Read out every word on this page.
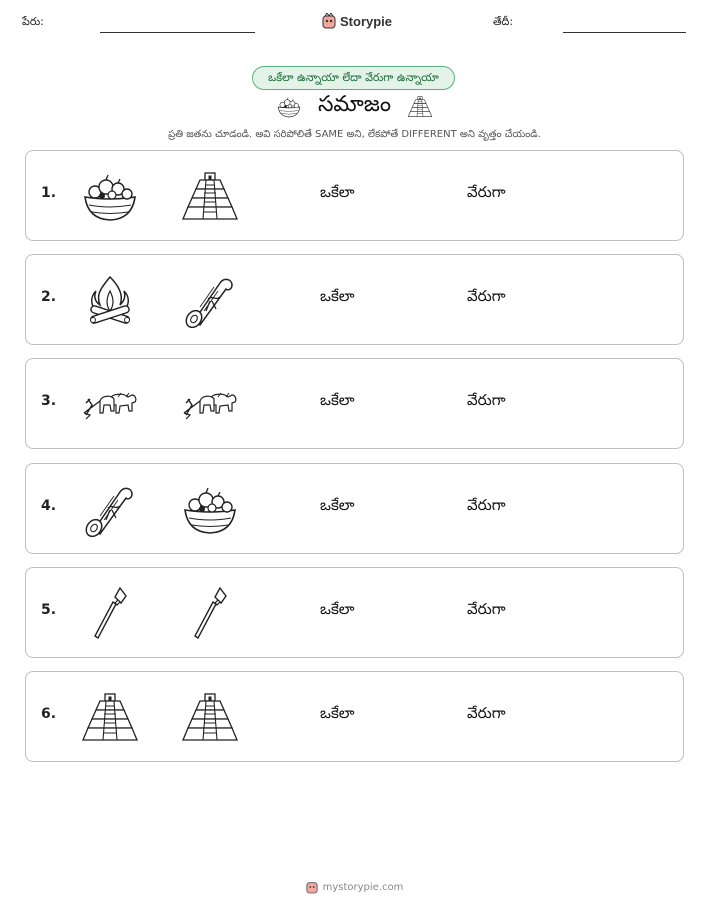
పేరు:	Storypie	తేదీ:
ఒకేలా ఉన్నాయా లేదా వేరుగా ఉన్నాయా
సమాజం
ప్రతి జతను చూడండి. అవి సరిపోలితే SAME అని, లేకపోతే DIFFERENT అని వృత్తం చేయండి.
1.	ఒకేలా	వేరుగా
2.	ఒకేలా	వేరుగా
3.	ఒకేలా	వేరుగా
4.	ఒకేలా	వేరుగా
5.	ఒకేలా	వేరుగా
6.	ఒకేలా	వేరుగా
mystorypie.com
